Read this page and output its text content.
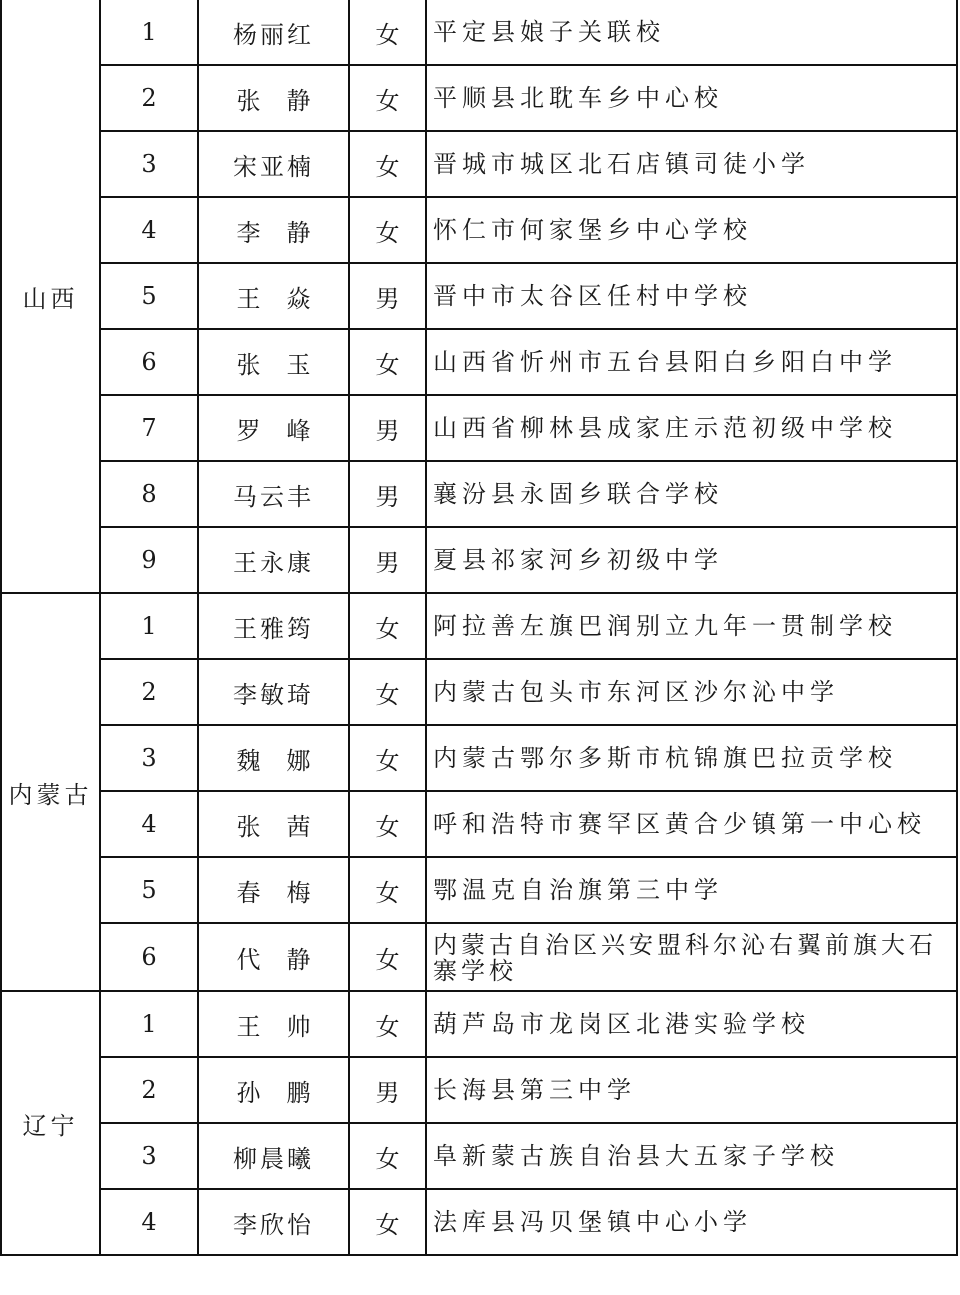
山西	1	杨丽红	女	平定县娘子关联校
	2	张静	女	平顺县北耽车乡中心校
	3	宋亚楠	女	晋城市城区北石店镇司徒小学
	4	李静	女	怀仁市何家堡乡中心学校
	5	王焱	男	晋中市太谷区任村中学校
	6	张玉	女	山西省忻州市五台县阳白乡阳白中学
	7	罗峰	男	山西省柳林县成家庄示范初级中学校
	8	马云丰	男	襄汾县永固乡联合学校
	9	王永康	男	夏县祁家河乡初级中学
内蒙古	1	王雅筠	女	阿拉善左旗巴润别立九年一贯制学校
	2	李敏琦	女	内蒙古包头市东河区沙尔沁中学
	3	魏娜	女	内蒙古鄂尔多斯市杭锦旗巴拉贡学校
	4	张茜	女	呼和浩特市赛罕区黄合少镇第一中心校
	5	春梅	女	鄂温克自治旗第三中学
	6	代静	女	内蒙古自治区兴安盟科尔沁右翼前旗大石寨学校
辽宁	1	王帅	女	葫芦岛市龙岗区北港实验学校
	2	孙鹏	男	长海县第三中学
	3	柳晨曦	女	阜新蒙古族自治县大五家子学校
	4	李欣怡	女	法库县冯贝堡镇中心小学
